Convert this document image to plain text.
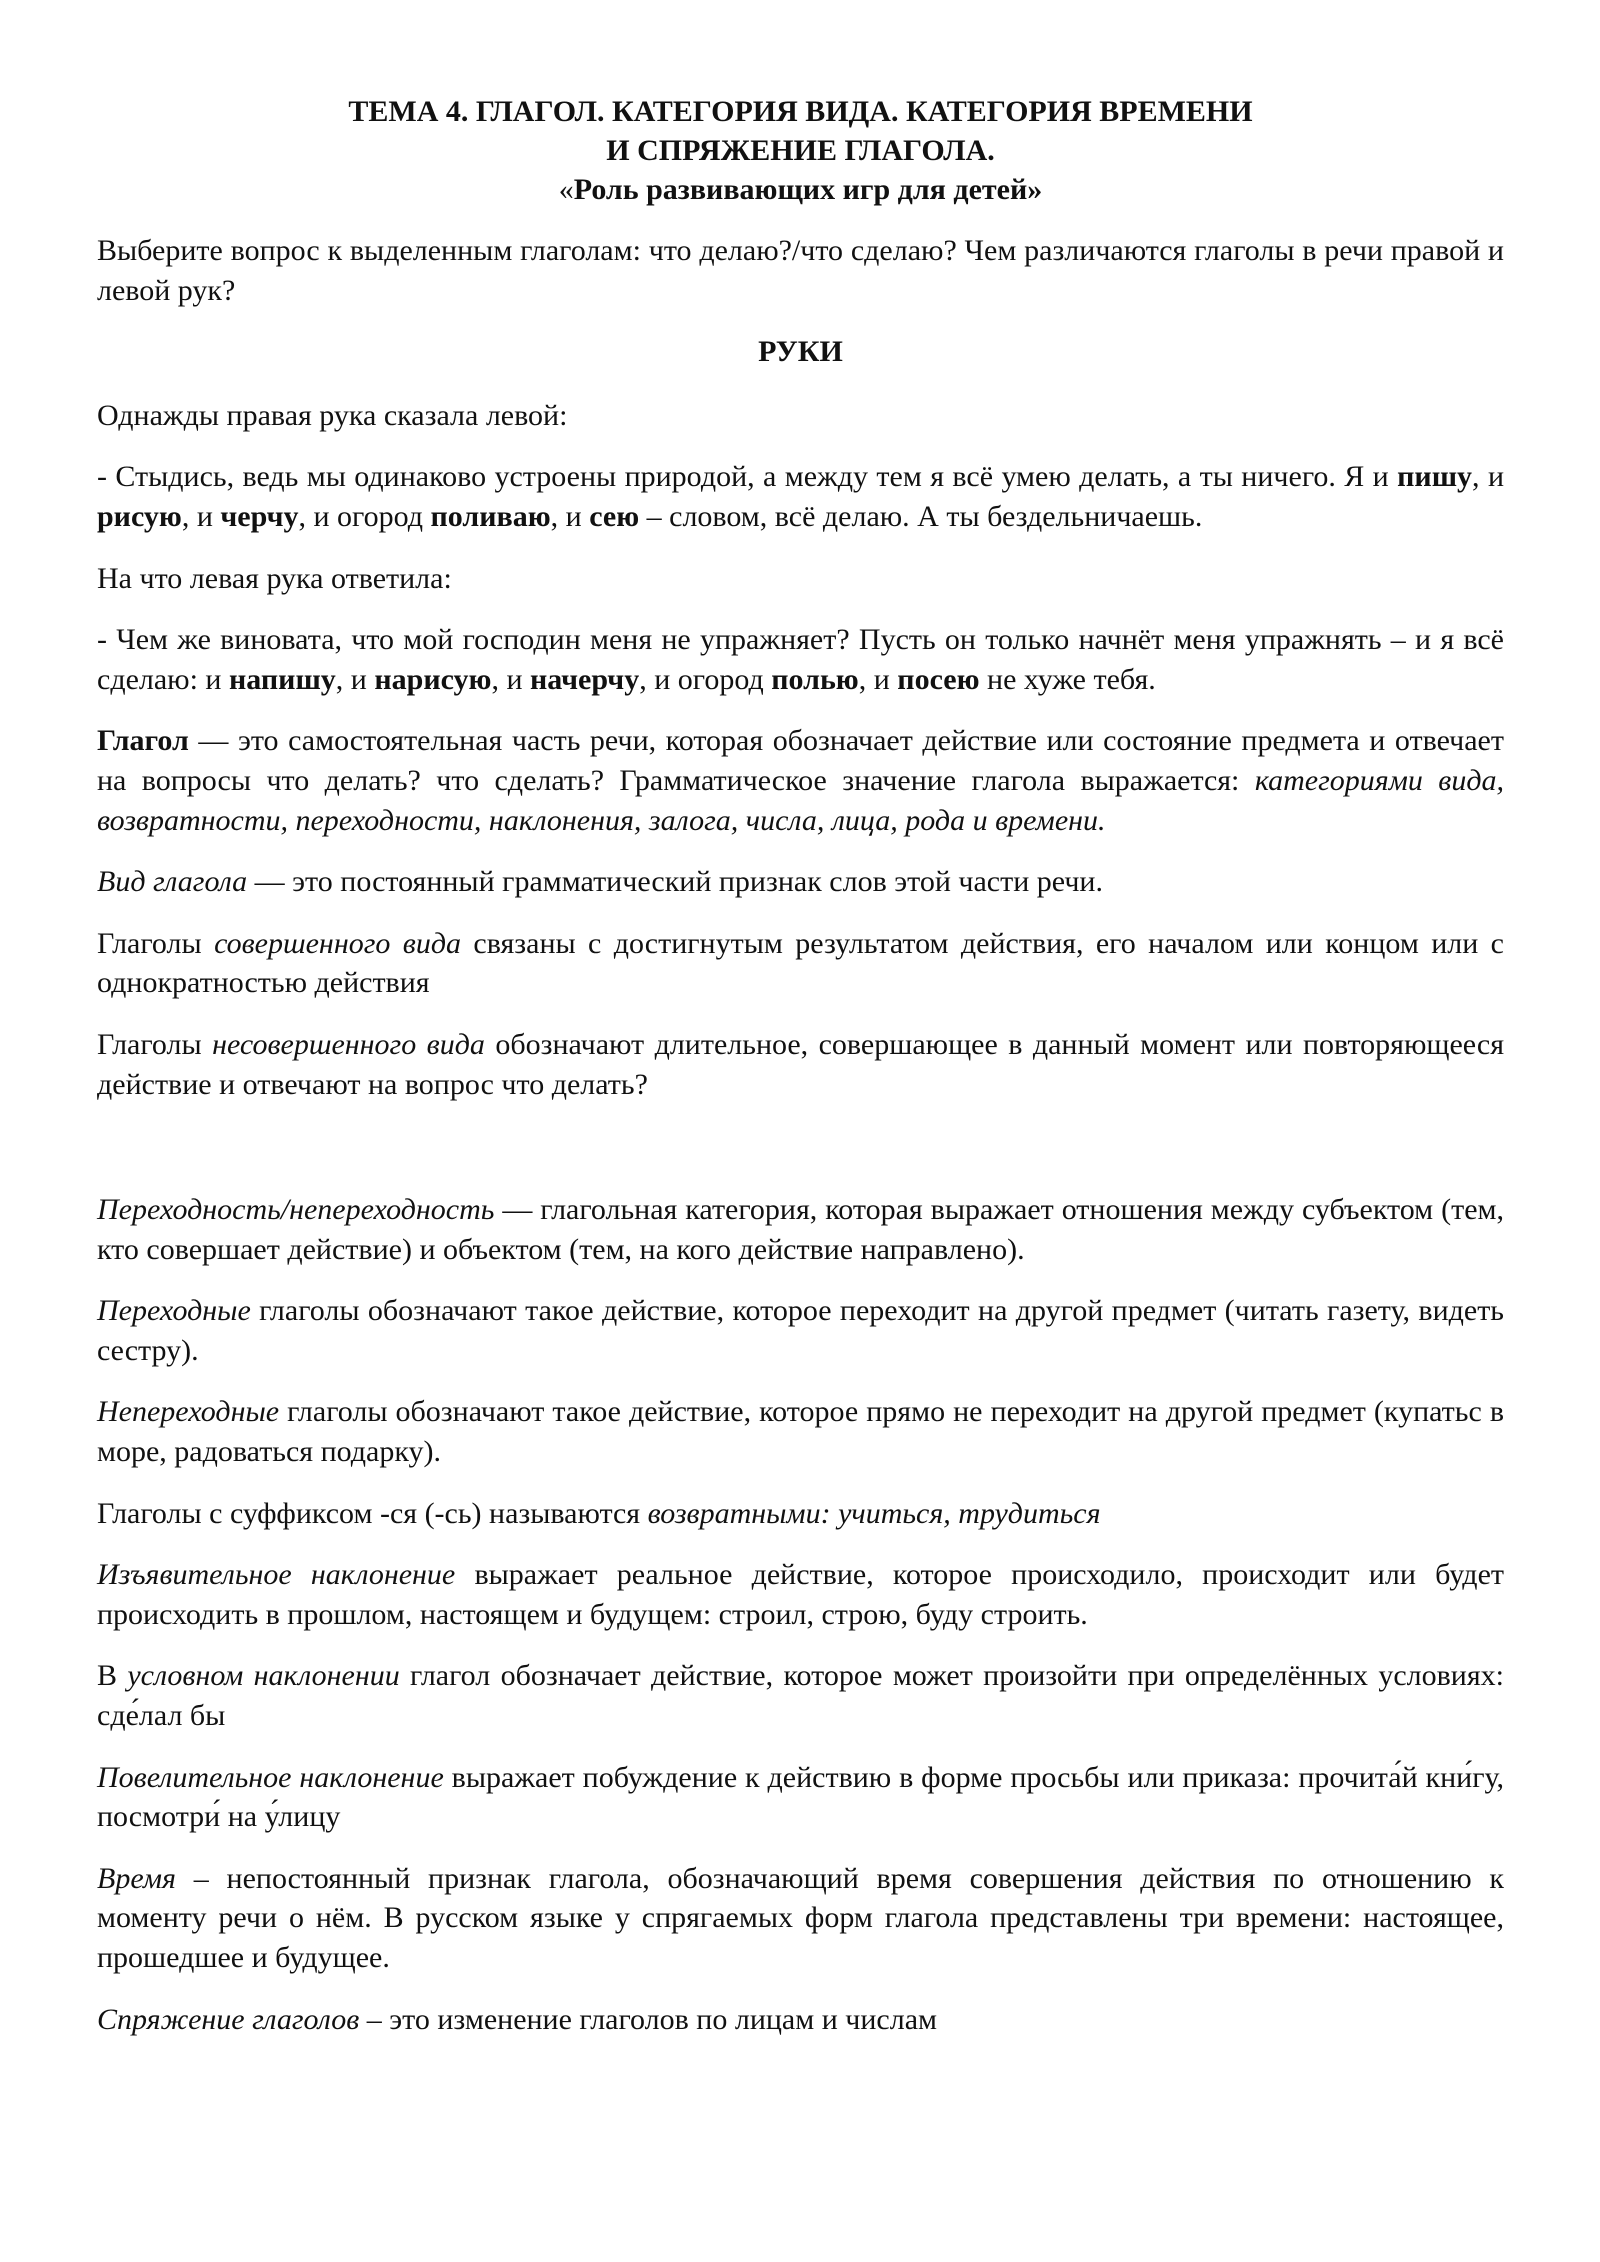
ТЕМА 4. ГЛАГОЛ. КАТЕГОРИЯ ВИДА. КАТЕГОРИЯ ВРЕМЕНИ
И СПРЯЖЕНИЕ ГЛАГОЛА.
«Роль развивающих игр для детей»

Выберите вопрос к выделенным глаголам: что делаю?/что сделаю? Чем различаются глаголы в речи правой и левой рук?

РУКИ

Однажды правая рука сказала левой:

- Стыдись, ведь мы одинаково устроены природой, а между тем я всё умею делать, а ты ничего. Я и пишу, и рисую, и черчу, и огород поливаю, и сею – словом, всё делаю. А ты бездельничаешь.

На что левая рука ответила:

- Чем же виновата, что мой господин меня не упражняет? Пусть он только начнёт меня упражнять – и я всё сделаю: и напишу, и нарисую, и начерчу, и огород полью, и посею не хуже тебя.

Глагол — это самостоятельная часть речи, которая обозначает действие или состояние предмета и отвечает на вопросы что делать? что сделать? Грамматическое значение глагола выражается: категориями вида, возвратности, переходности, наклонения, залога, числа, лица, рода и времени.

Вид глагола — это постоянный грамматический признак слов этой части речи.

Глаголы совершенного вида связаны с достигнутым результатом действия, его началом или концом или с однократностью действия

Глаголы несовершенного вида обозначают длительное, совершающее в данный момент или повторяющееся действие и отвечают на вопрос что делать?

Переходность/непереходность — глагольная категория, которая выражает отношения между субъектом (тем, кто совершает действие) и объектом (тем, на кого действие направлено).

Переходные глаголы обозначают такое действие, которое переходит на другой предмет (читать газету, видеть сестру).

Непереходные глаголы обозначают такое действие, которое прямо не переходит на другой предмет (купатьс в море, радоваться подарку).

Глаголы с суффиксом -ся (-сь) называются возвратными: учиться, трудиться

Изъявительное наклонение выражает реальное действие, которое происходило, происходит или будет происходить в прошлом, настоящем и будущем: строил, строю, буду строить.

В условном наклонении глагол обозначает действие, которое может произойти при определённых условиях: сде́лал бы

Повелительное наклонение выражает побуждение к действию в форме просьбы или приказа: прочита́й кни́гу, посмотри́ на у́лицу

Время – непостоянный признак глагола, обозначающий время совершения действия по отношению к моменту речи о нём. В русском языке у спрягаемых форм глагола представлены три времени: настоящее, прошедшее и будущее.

Спряжение глаголов – это изменение глаголов по лицам и числам
